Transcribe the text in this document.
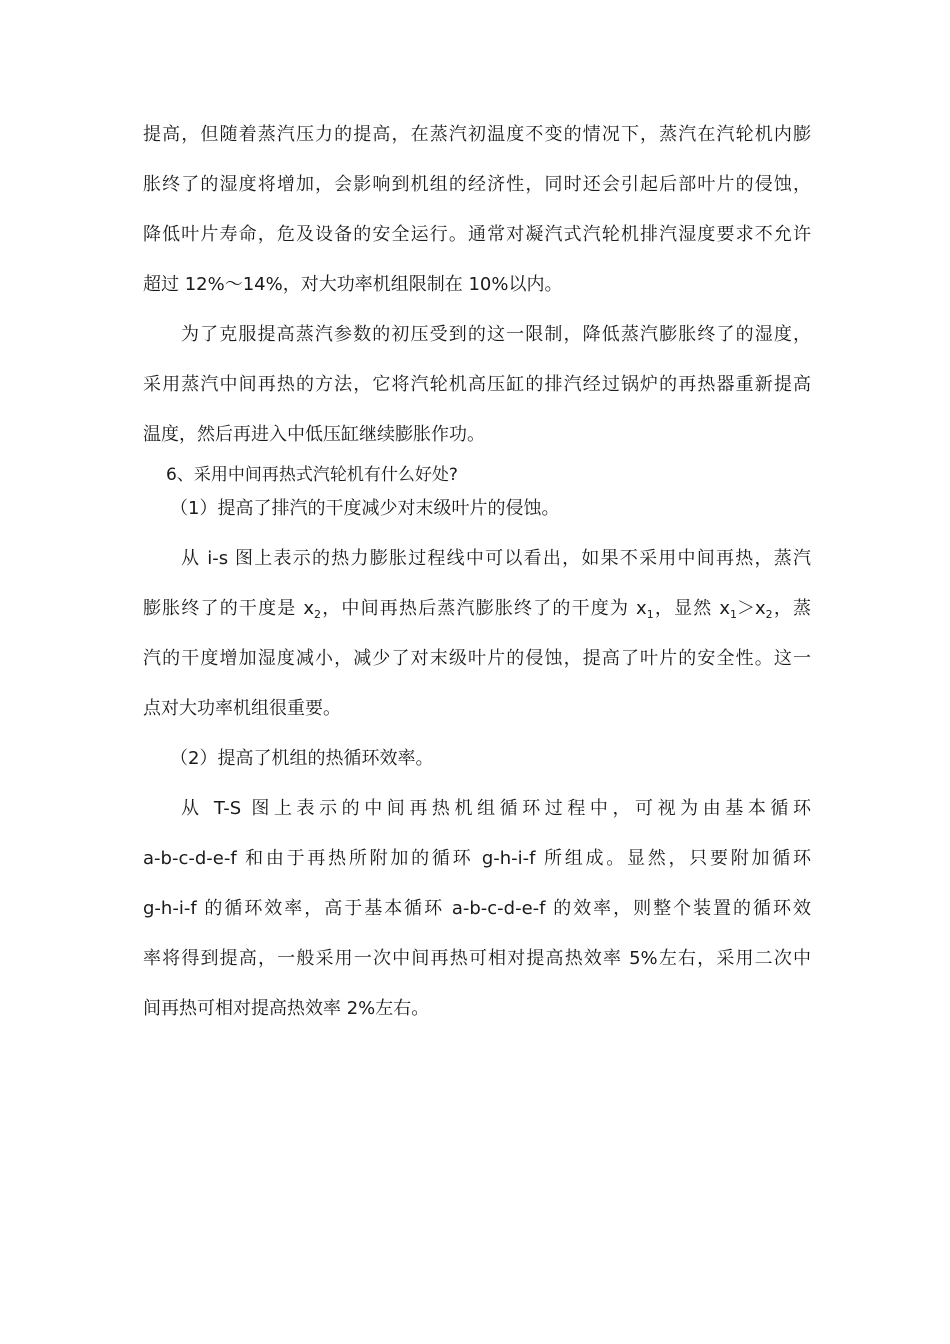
提高，但随着蒸汽压力的提高，在蒸汽初温度不变的情况下，蒸汽在汽轮机内膨
胀终了的湿度将增加，会影响到机组的经济性，同时还会引起后部叶片的侵蚀，
降低叶片寿命，危及设备的安全运行。通常对凝汽式汽轮机排汽湿度要求不允许
超过 12%～14%，对大功率机组限制在 10%以内。
为了克服提高蒸汽参数的初压受到的这一限制，降低蒸汽膨胀终了的湿度，
采用蒸汽中间再热的方法，它将汽轮机高压缸的排汽经过锅炉的再热器重新提高
温度，然后再进入中低压缸继续膨胀作功。
6、采用中间再热式汽轮机有什么好处?
（1）提高了排汽的干度减少对末级叶片的侵蚀。
从 i-s 图上表示的热力膨胀过程线中可以看出，如果不采用中间再热，蒸汽
膨胀终了的干度是 $x_2$，中间再热后蒸汽膨胀终了的干度为 $x_1$，显然 $x_1>x_2$，蒸
汽的干度增加湿度减小，减少了对末级叶片的侵蚀，提高了叶片的安全性。这一
点对大功率机组很重要。
（2）提高了机组的热循环效率。
从 T-S 图上表示的中间再热机组循环过程中，可视为由基本循环
a-b-c-d-e-f 和由于再热所附加的循环 g-h-i-f 所组成。显然，只要附加循环
g-h-i-f 的循环效率，高于基本循环 a-b-c-d-e-f 的效率，则整个装置的循环效
率将得到提高，一般采用一次中间再热可相对提高热效率 5%左右，采用二次中
间再热可相对提高热效率 2%左右。
